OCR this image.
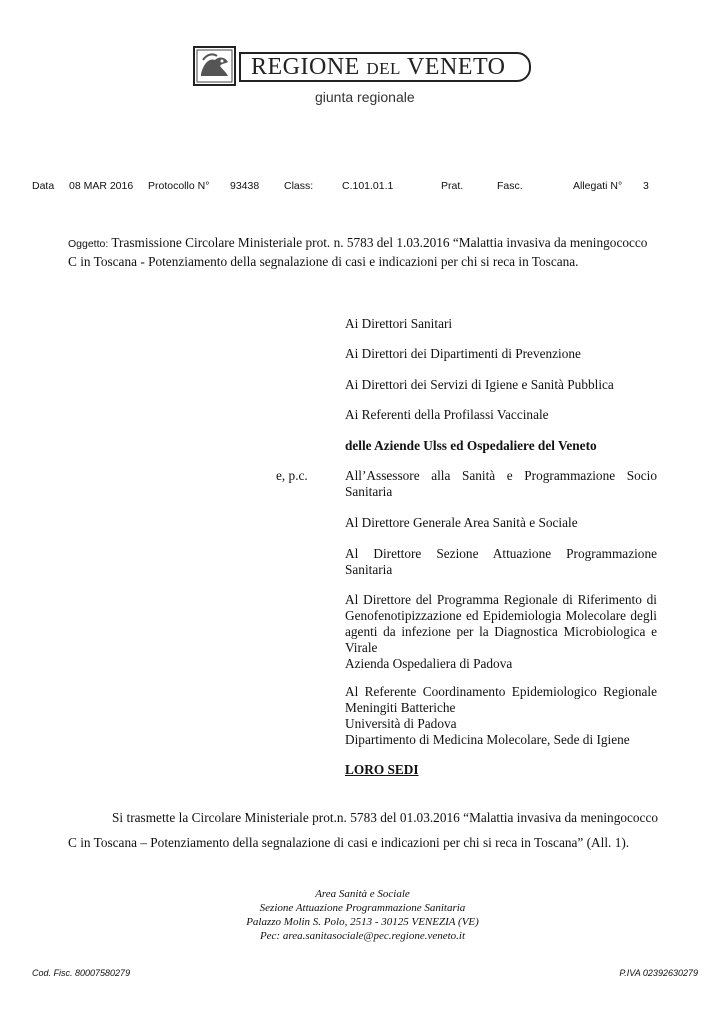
REGIONE DEL VENETO
giunta regionale
Data 08 MAR 2016 Protocollo N° 93438 Class:	C.101.01.1	Prat.	Fasc.	Allegati N° 3
Oggetto: Trasmissione Circolare Ministeriale prot. n. 5783 del 1.03.2016 “Malattia invasiva da meningococco C in Toscana - Potenziamento della segnalazione di casi e indicazioni per chi si reca in Toscana.
Ai Direttori Sanitari
Ai Direttori dei Dipartimenti di Prevenzione
Ai Direttori dei Servizi di Igiene e Sanità Pubblica
Ai Referenti della Profilassi Vaccinale
delle Aziende Ulss ed Ospedaliere del Veneto
e, p.c.	All’Assessore alla Sanità e Programmazione Socio Sanitaria
Al Direttore Generale Area Sanità e Sociale
Al Direttore Sezione Attuazione Programmazione Sanitaria
Al Direttore del Programma Regionale di Riferimento di Genofenotipizzazione ed Epidemiologia Molecolare degli agenti da infezione per la Diagnostica Microbiologica e Virale
Azienda Ospedaliera di Padova
Al Referente Coordinamento Epidemiologico Regionale Meningiti Batteriche
Università di Padova
Dipartimento di Medicina Molecolare, Sede di Igiene
LORO SEDI
Si trasmette la Circolare Ministeriale prot.n. 5783 del 01.03.2016 “Malattia invasiva da meningococco C in Toscana – Potenziamento della segnalazione di casi e indicazioni per chi si reca in Toscana” (All. 1).
Area Sanità e Sociale
Sezione Attuazione Programmazione Sanitaria
Palazzo Molin S. Polo, 2513 - 30125 VENEZIA (VE)
Pec: area.sanitasociale@pec.regione.veneto.it
Cod. Fisc. 80007580279	P.IVA 02392630279
